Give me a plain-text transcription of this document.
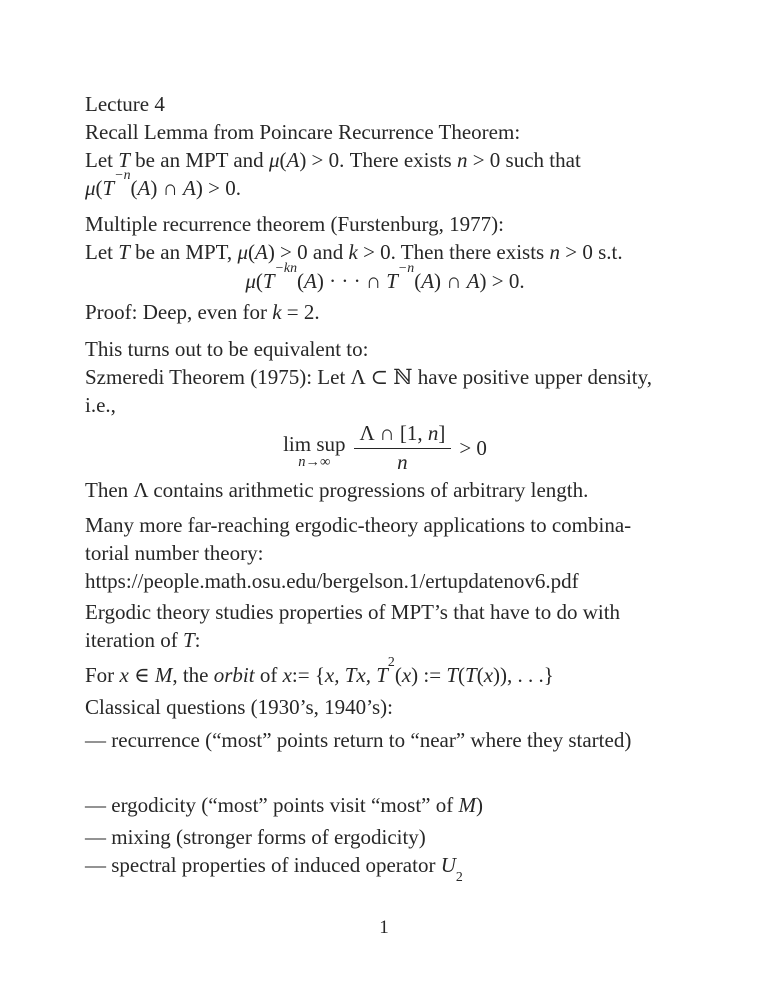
Lecture 4

Recall Lemma from Poincare Recurrence Theorem:

Let T be an MPT and μ(A) > 0. There exists n > 0 such that $\mu(T^{-n}(A)$ ∩ A) > 0.

Multiple recurrence theorem (Furstenburg, 1977):

Let T be an MPT, μ(A) > 0 and k > 0. Then there exists n > 0 s.t.

$\mu(T^{-kn}(A)$ · · · ∩ $T^{-n}(A)$ ∩ A) > 0.

Proof: Deep, even for k = 2.

This turns out to be equivalent to:

Szmeredi Theorem (1975): Let Λ ⊂ ℕ have positive upper density, i.e.,

lim sup
$n\to\infty \frac{\Lambda \cap [1, n]}{n} > 0$

Then Λ contains arithmetic progressions of arbitrary length.

Many more far-reaching ergodic-theory applications to combina- torial number theory:

https://people.math.osu.edu/bergelson.1/ertupdatenov6.pdf

Ergodic theory studies properties of MPT’s that have to do with iteration of T:

For x ∈ M, the orbit of x:= {x, Tx, $T^2(x)$ := T(T(x)), . . .}

Classical questions (1930’s, 1940’s):

— recurrence (“most” points return to “near” where they started)

— ergodicity (“most” points visit “most” of M)

— mixing (stronger forms of ergodicity)

— spectral properties of induced operator $U_2$

1
